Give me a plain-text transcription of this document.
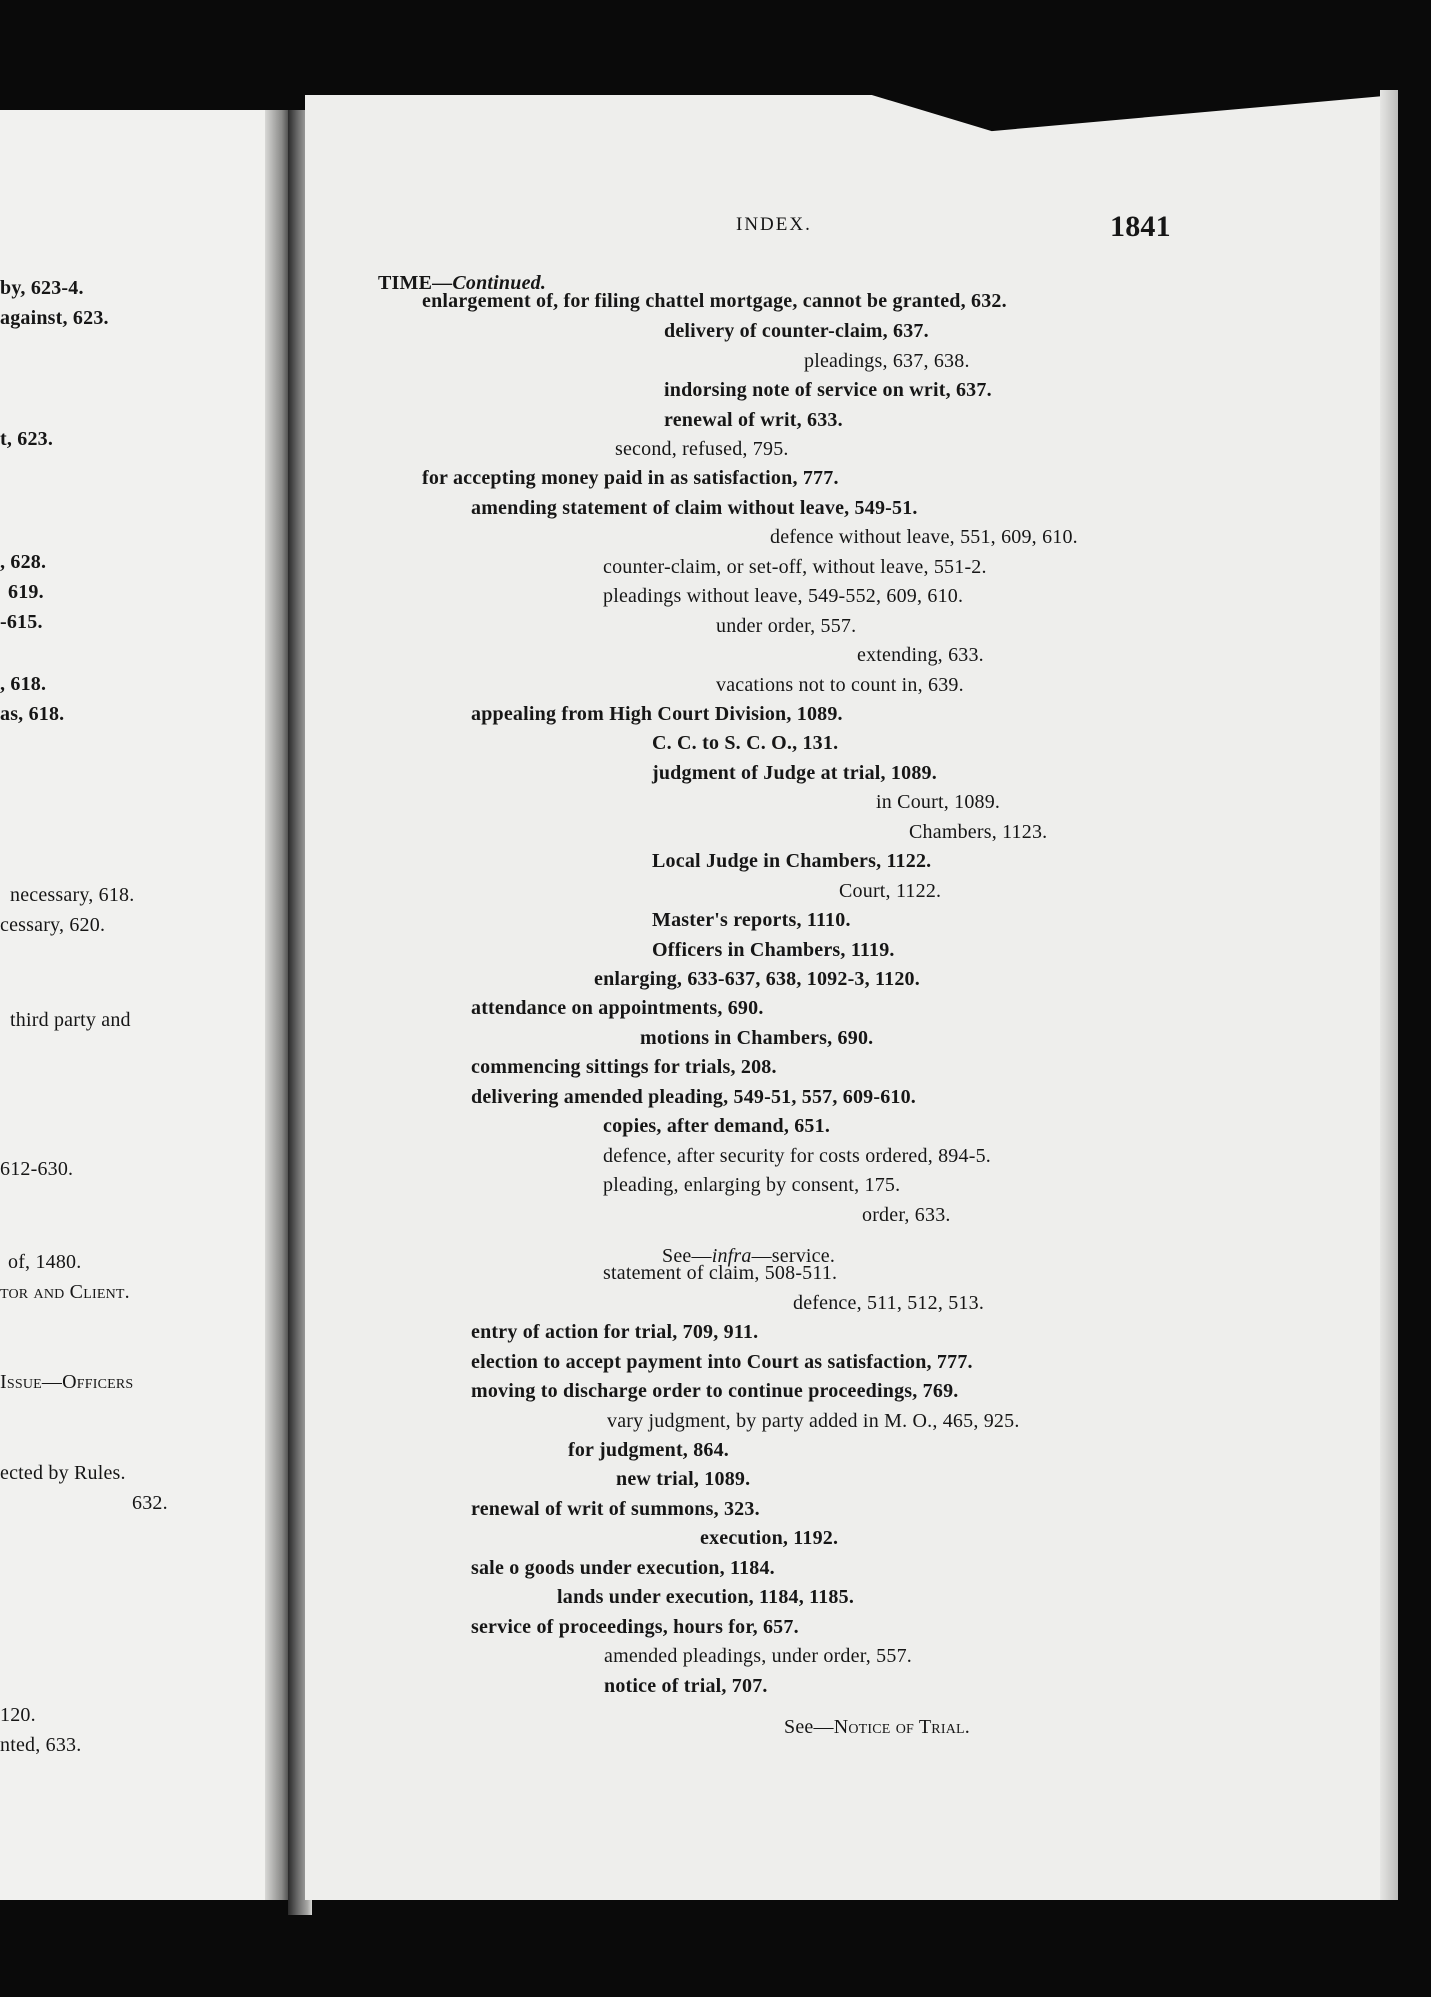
by, 623-4.
against, 623.
t, 623.
, 628.
619.
-615.
, 618.
as, 618.
necessary, 618.
cessary, 620.
third party and
612-630.
of, 1480.
tor and Client.
Issue—Officers
ected by Rules.
632.
120.
nted, 633.
INDEX.	1841
TIME—Continued.
enlargement of, for filing chattel mortgage, cannot be granted, 632.
delivery of counter-claim, 637.
pleadings, 637, 638.
indorsing note of service on writ, 637.
renewal of writ, 633.
second, refused, 795.
for accepting money paid in as satisfaction, 777.
amending statement of claim without leave, 549-51.
defence without leave, 551, 609, 610.
counter-claim, or set-off, without leave, 551-2.
pleadings without leave, 549-552, 609, 610.
under order, 557.
extending, 633.
vacations not to count in, 639.
appealing from High Court Division, 1089.
C. C. to S. C. O., 131.
judgment of Judge at trial, 1089.
in Court, 1089.
Chambers, 1123.
Local Judge in Chambers, 1122.
Court, 1122.
Master's reports, 1110.
Officers in Chambers, 1119.
enlarging, 633-637, 638, 1092-3, 1120.
attendance on appointments, 690.
motions in Chambers, 690.
commencing sittings for trials, 208.
delivering amended pleading, 549-51, 557, 609-610.
copies, after demand, 651.
defence, after security for costs ordered, 894-5.
pleading, enlarging by consent, 175.
order, 633.
statement of claim, 508-511.
defence, 511, 512, 513.
entry of action for trial, 709, 911.
election to accept payment into Court as satisfaction, 777.
moving to discharge order to continue proceedings, 769.
vary judgment, by party added in M. O., 465, 925.
for judgment, 864.
new trial, 1089.
renewal of writ of summons, 323.
execution, 1192.
sale o goods under execution, 1184.
lands under execution, 1184, 1185.
service of proceedings, hours for, 657.
amended pleadings, under order, 557.
notice of trial, 707.
See—infra—service.
See—Notice of Trial.
